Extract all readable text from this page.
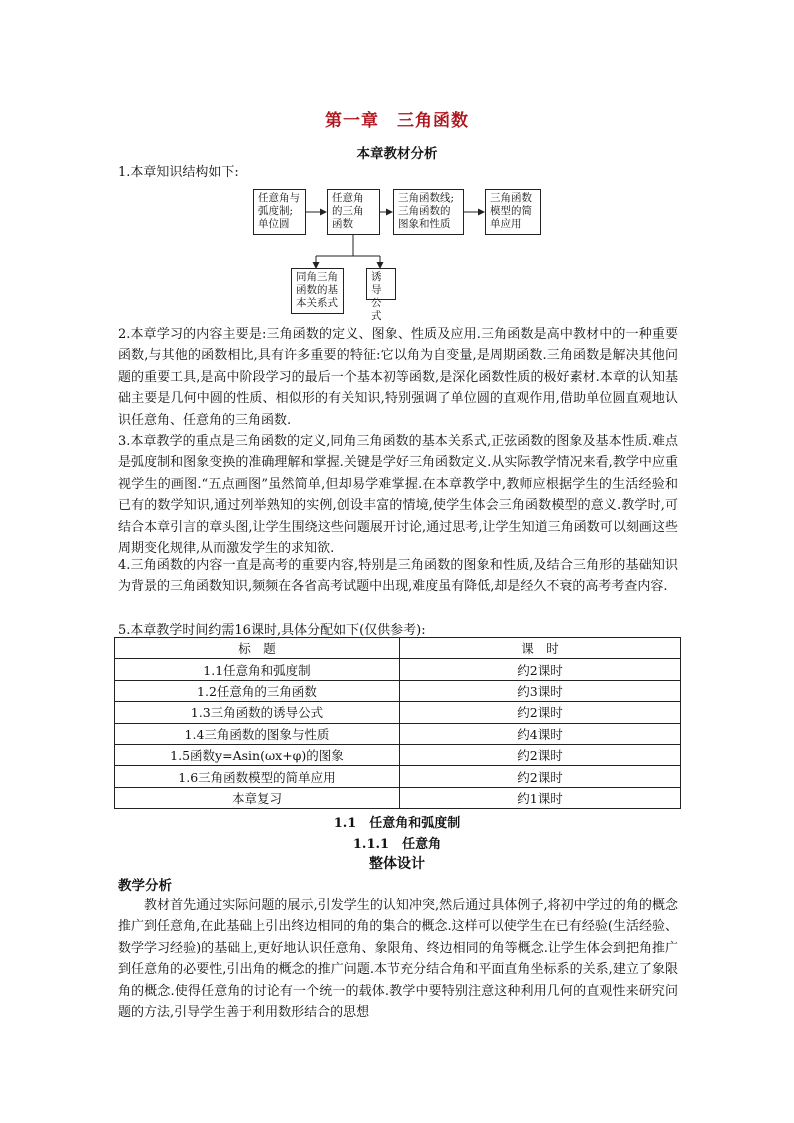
第一章　三角函数
本章教材分析
1.本章知识结构如下:
任意角与
弧度制;
单位圆
任意角
的三角
函数
三角函数线;
三角函数的
图象和性质
三角函数
模型的简
单应用
同角三角
函数的基
本关系式
诱导
公式

2.本章学习的内容主要是:三角函数的定义、图象、性质及应用.三角函数是高中教材中的一种重要函数,与其他的函数相比,具有许多重要的特征:它以角为自变量,是周期函数.三角函数是解决其他问题的重要工具,是高中阶段学习的最后一个基本初等函数,是深化函数性质的极好素材.本章的认知基础主要是几何中圆的性质、相似形的有关知识,特别强调了单位圆的直观作用,借助单位圆直观地认识任意角、任意角的三角函数.

3.本章教学的重点是三角函数的定义,同角三角函数的基本关系式,正弦函数的图象及基本性质.难点是弧度制和图象变换的准确理解和掌握.关键是学好三角函数定义.从实际教学情况来看,教学中应重视学生的画图.“五点画图”虽然简单,但却易学难掌握.在本章教学中,教师应根据学生的生活经验和已有的数学知识,通过列举熟知的实例,创设丰富的情境,使学生体会三角函数模型的意义.教学时,可结合本章引言的章头图,让学生围绕这些问题展开讨论,通过思考,让学生知道三角函数可以刻画这些周期变化规律,从而激发学生的求知欲.

4.三角函数的内容一直是高考的重要内容,特别是三角函数的图象和性质,及结合三角形的基础知识为背景的三角函数知识,频频在各省高考试题中出现,难度虽有降低,却是经久不衰的高考考查内容.

5.本章教学时间约需16课时,具体分配如下(仅供参考):
标　题	课　时
1.1任意角和弧度制	约2课时
1.2任意角的三角函数	约3课时
1.3三角函数的诱导公式	约2课时
1.4三角函数的图象与性质	约4课时
1.5函数y=Asin(ωx+φ)的图象	约2课时
1.6三角函数模型的简单应用	约2课时
本章复习	约1课时
1.1　任意角和弧度制
1.1.1　任意角
整体设计
教学分析

教材首先通过实际问题的展示,引发学生的认知冲突,然后通过具体例子,将初中学过的角的概念推广到任意角,在此基础上引出终边相同的角的集合的概念.这样可以使学生在已有经验(生活经验、数学学习经验)的基础上,更好地认识任意角、象限角、终边相同的角等概念.让学生体会到把角推广到任意角的必要性,引出角的概念的推广问题.本节充分结合角和平面直角坐标系的关系,建立了象限角的概念.使得任意角的讨论有一个统一的载体.教学中要特别注意这种利用几何的直观性来研究问题的方法,引导学生善于利用数形结合的思想
